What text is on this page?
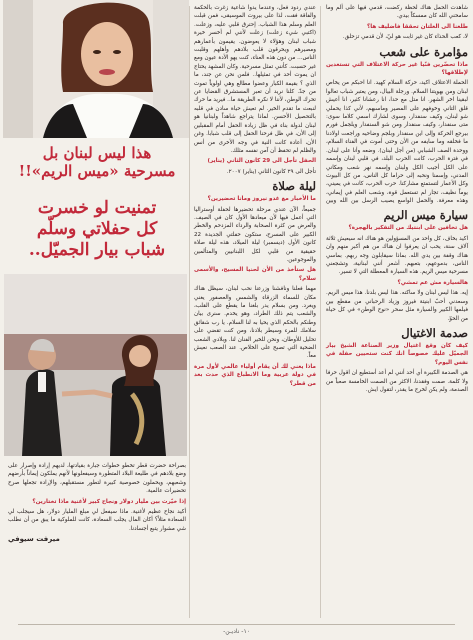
هذا ليس لبنان بل
مسرحية «ميس الريم»!!
تمنيت لو خسرت
كل حفلاتي وسلّم
شباب بيار الجميّل..

بصراحة حضرت قطر تخطو خطوات جبارة بقيادتها، لديهم إرادة وإصرار على وضع بلادهم في طليعة البلاد المتطورة وسيفعلونها لأنهم يملكون إيماناً بأرضهم وشعبهم، ويحملون خصوصية كبيرة لتطور مستقبلهم، والإرادة تجعلها صرح تحضيرات عالمية.

إذا خيّرت بين مليار دولار ونجاح كبير لأغنية ماذا تختارين؟

أكيد نجاح عظيم لأغنية. ماذا سيفعل لي مبلغ المليار دولار، هل سيجلب لي السعادة مثلاً؟ أكان المال يجلب السعادة، كانت للملوكية ما يبق من أن نطلب شي مشوار يتبع أجسادنا.

ميرفت سيوفي

عندي ردود فعل، وعندما يدوا شاعية زغرت بالحكمة والفاقة فقت، لذا على بيروت الموسيقى، فمن قبلت العلم وسلم هذا الشباب. إحترق قلبي عليه، وزعلت. (اكتبي شيء زعلت) زعلت لأنني لم أخسر خيرة شباب لبنان وهؤلاء لا يعوضون. يقيمون بأعمارهم ومصيرهم ويحرقون قلب بلادهم وأهلهم وقلبت الناس... من دون هذه العناء، كنت يهو الأدة عيون ومع غير حسبت. كأنني تمثل مسرحية. وكان المشهد يحتاج ان يموت أحد في تمثيلها.. فلمن نحن عن جند، ما الذي ؟ بقيمة الكبار وعضوا مطالع وهي اولوياً تموت من جدّ. كلنا نريد أن تعبر المستشرق القضايا عن تحرك الوطن، لأننا لا نكره الطريقة ما.. فيريد ما حرك لنبعث ما تقدم الخير. لم تعيش حياة سادن في قلبه بالتحصيل الأحسن. لماذا يتراجع شاهداً ولبنانيا هو لبنان لدولة بناء في ظل زيادة الحفل أمام المقبلين إلى الأن، في ظل فرحنا الحفل إلى قلب شبابا. وغن الأن، أعادة كانت النية في وجه الأخرى من أنس والظلم لم تحفظ أن آمن نفسه مثلك.

الحفل تأجل الى 29 كانون الثاني (يناير)

تأجل الى ٢٩ كانون الثاني (يناير) ٢٠٠٧.

ليلة صلاة

ما الأخبار مع غدو نيروز ومانا تحضيرين؟

جميعاً، الآن عندي مرحلة تحضيرها لحفلة أوستراليا التي أعمل فيها لأن ميعادها الأول كان في الصيف. والعرض من كثرة الصحابة والرداء المزدحم والخطر الكبير على المسرح، ستكون حفلتي الجديدة 22 كانون الأول (ديسمبر) ليلة الميلاد، هذه ليلة صلاة حقيقية من قلبي لكل اللبنانيين والمتألمين والموجوعين.

هل ستأخذ من الأن لحنيا المسيح، والأسمى سلام؟

مهما فعلنا ونافشنا وزرعنا نحب لبنان، سيظل هناك مكان للسماء الزرقاء والشمس والعصفور يغني ويغرد. ومن بسلام يدر بلغنا ما يقطع على القلب، والشعب يتم ذلك الطراد، وهو يخدم. سنرى بيان وطنكم بالحكم الذي يحيا به لنا السلام. يا رب شقائق سلامك للمرء وسيطر بلادنا، ومن كنت تقضي على تحليل للأوطان، ونحن للخير الفنان لنا. وبلادي الشعب الضحية التي تصبح على الخلاص. عند الصعب نعيش معاً.

ماذا يعني لك أن يقام أولياء عالمي لأول مرة في دولة عربية وما الانطباع الذي حدث بعد من قطر؟

شاهدت الحمل هناك لحظة ركضت، قدمي فيها على ألم وما سامحني الله كان ممسكاً بيدي.

طلعنا الى العلتان تحققا فاضليف ها؟

لا، كعب الحذاء كان غير ثابت هو ليّ، لأن قدمي تزحلق.

مؤامرة على شعب

ماذا تحضّرين فنّيا غير حركة الاعتلاف التي تستعدين لإطلاقها؟

الحملة الاعتلاف اكيد، حركة السلام كهيد. انا احبكم من يخاص لبنان ومن بهويتنا السلام. ورجلة البيال، ومن يعتبر شباب تعالوا لبقينا اخر الشهر. انا متل مع حدا، انا رعشانا كثير، انا أعيش قلق التاني وخوفهم على المصير وماسبهم، لأني كذا يحملي شو لبنان، وكيف سنفدار، وسوى لشارك اسمي كلاما سوى: متى سنفدار، وكيف سنفدار ومن شو السنفدار ويلجمل فورم بيرجع الحركة وإلى اين سنفدار وبلجم وضاحيه وراجعت اولادنا ما فخلقه وما سايفه من الأن وحتى أموت في الفناء السلام، ووحدة الصف الشبابي (من أجل لبنان). وضعه وأنا على لبنان. في فترة الحرب، كانت الحرب البلد، في قلبي لبنان وإسمه على الكل أجيب الكل ولبنان وإسمه نهر شعب ومكاني المدني، وإسمنا ونحبه إلى حراما كل الناس، من كل البيوت وكل الأعمار لتستمتع مشاركنا. حرب الحرب، كانت في يميني، يوماً نظيف، تجار لم تستعمل قوة، وشعب العلم في إيماني، وهذه معرفة. والحمل الواسع يصيب الرسل بين الله وبين

سيارة ميس الريم

هل تخافين على ابنتيك من التفكير بالهجرة؟

اكيد بخاف، كل واحد من المسؤولين هو هناك انه سيعيش ثلاثة آلاف سنة، يحب ان يعرفوا ان هناك من هم أكبر منهم وان هناك وقفة بين يدي الله. بماذا سيقابلون وجه ربهم. بماسي الناس، بدموعهم، بتعبهم. أشعر أنني لبنانية، وتشجعني مسرحية ميس الريم. هذه السيارة المعطلة التي لا تسير.

هالسيارة مش عم تمشي؟

إيه. هذا ليس لبنان ولا ساكنه. هذا ليس بلدنا. هذا ميس الريم. وسعدني أحبّ ابنيتة فيروز وزياد الرحباني من مقطع بين فيلمها الكبير والسيارة مثل سحر «نوح الوطن» في كل حياة من الحوّ.

صدمة الاغتيال

كيف كان وقع اغتيال وزير الصناعة الشيخ بيار الجميّل عليك خصوصاً انك كنت ستحيين حفلة في نفس اليوم؟

هي الصدمة الكبيرة أي أحد أنني لم أعد أستطيع ان اقول حرفا ولا كلمة. صمت وفقدنا، الاكثر من الصمت الخامسة صعباً من الصدمة، ولم يكن لخرج ما يقدر، لتقول ايش.

-١٠- ناديـن
